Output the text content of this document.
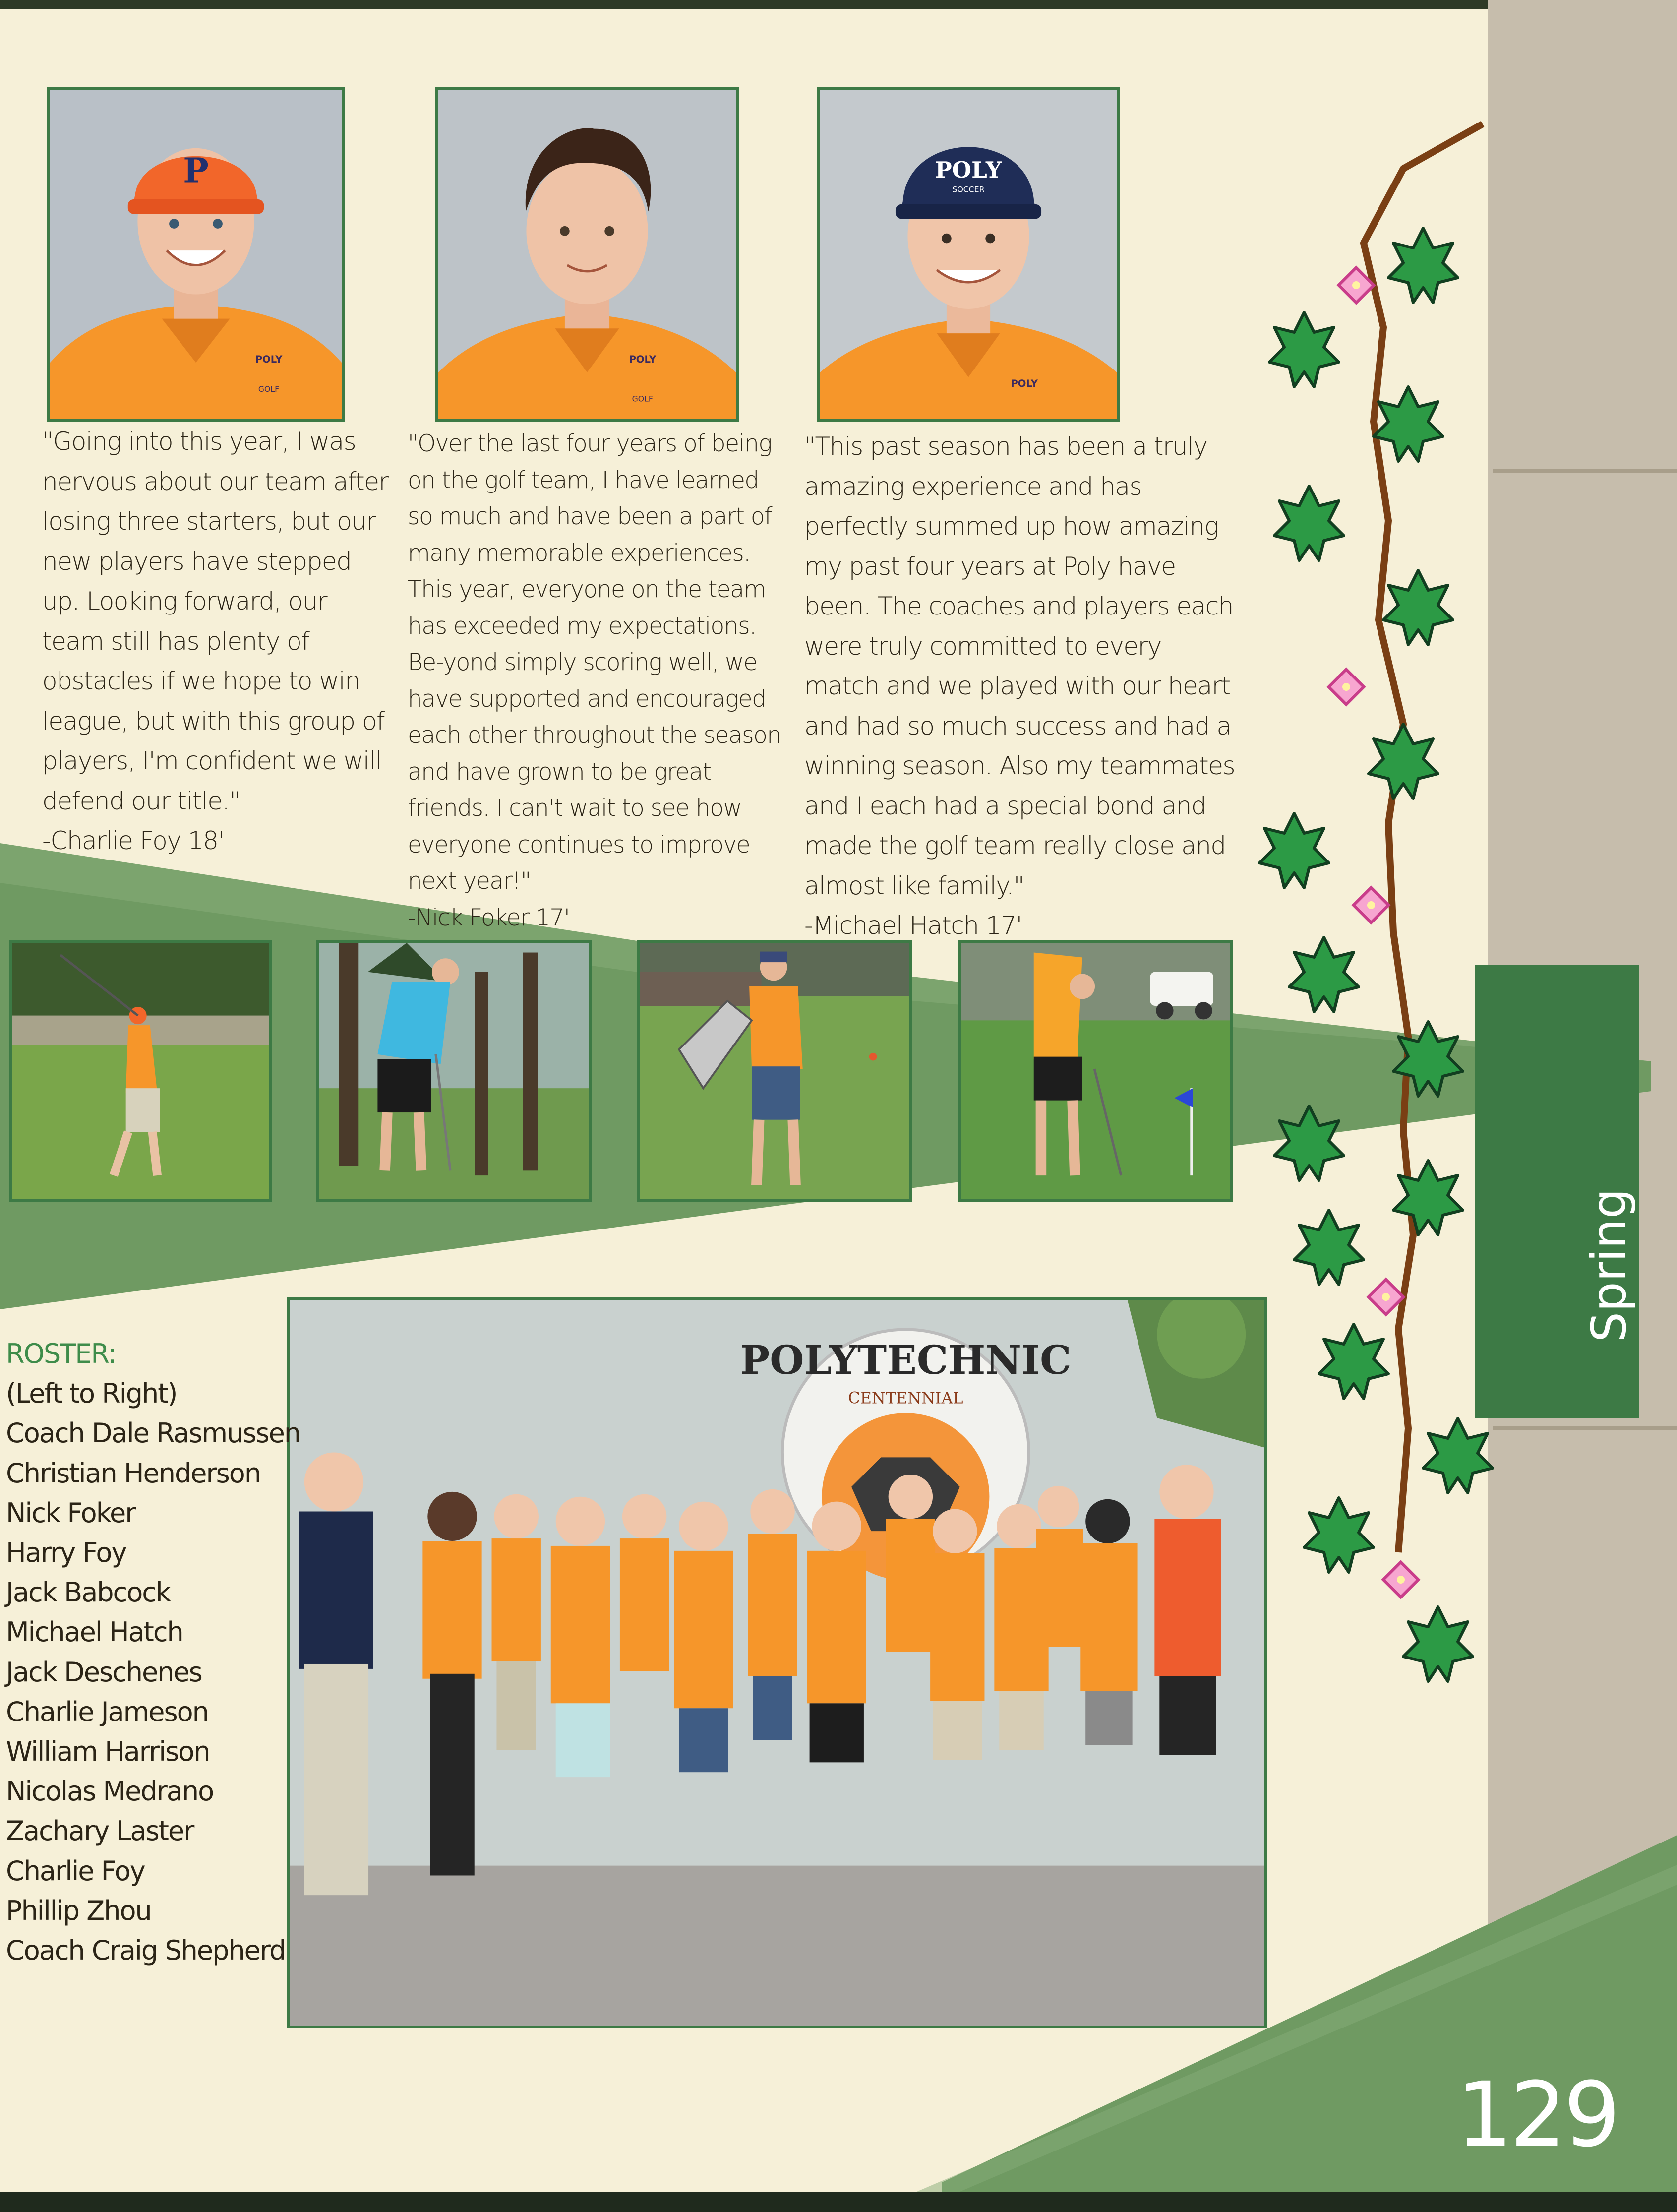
P
POLY
GOLF
POLY
GOLF
POLY
SOCCER
POLY

"Going into this year, I was nervous about our team after losing three starters, but our new players have stepped up. Looking forward, our team still has plenty of obstacles if we hope to win league, but with this group of players, I'm confident we will defend our title."

-Charlie Foy 18'

"Over the last four years of being on the golf team, I have learned so much and have been a part of many memorable experiences. This year, everyone on the team has exceeded my expectations. Be-yond simply scoring well, we have supported and encouraged each other throughout the season and have grown to be great friends. I can't wait to see how everyone continues to improve next year!"

-Nick Foker 17'

"This past season has been a truly amazing experience and has perfectly summed up how amazing my past four years at Poly have been. The coaches and players each were truly committed to every match and we played with our heart and had so much success and had a winning season. Also my teammates and I each had a special bond and made the golf team really close and almost like family."

-Michael Hatch 17'

POLYTECHNIC
CENTENNIAL
ROSTER:
(Left to Right)
Coach Dale Rasmussen
Christian Henderson
Nick Foker
Harry Foy
Jack Babcock
Michael Hatch
Jack Deschenes
Charlie Jameson
William Harrison
Nicolas Medrano
Zachary Laster
Charlie Foy
Phillip Zhou
Coach Craig Shepherd
Spring
129
